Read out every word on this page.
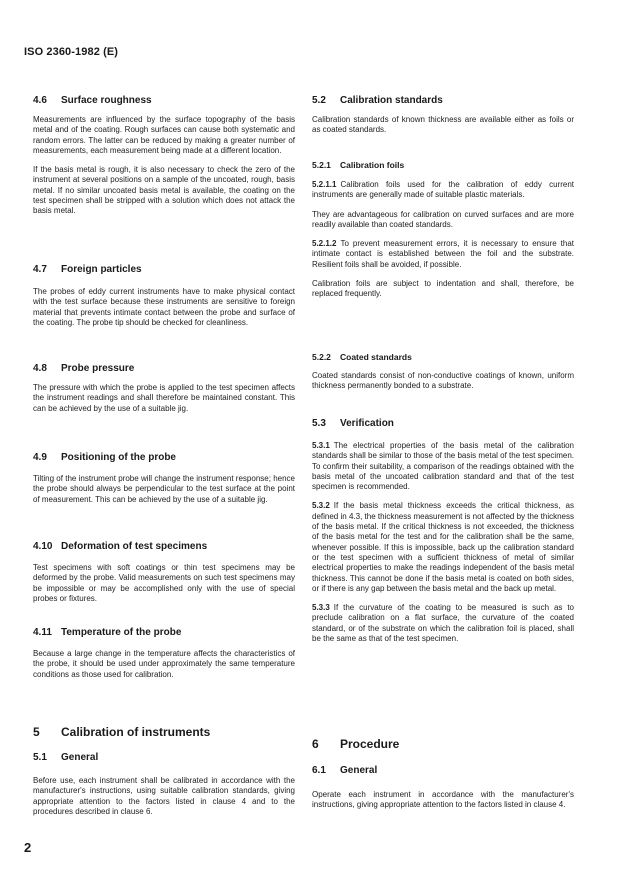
ISO 2360-1982 (E)
4.6 Surface roughness
Measurements are influenced by the surface topography of the basis metal and of the coating. Rough surfaces can cause both systematic and random errors. The latter can be reduced by making a greater number of measurements, each measurement being made at a different location.
If the basis metal is rough, it is also necessary to check the zero of the instrument at several positions on a sample of the uncoated, rough, basis metal. If no similar uncoated basis metal is available, the coating on the test specimen shall be stripped with a solution which does not attack the basis metal.
4.7 Foreign particles
The probes of eddy current instruments have to make physical contact with the test surface because these instruments are sensitive to foreign material that prevents intimate contact between the probe and surface of the coating. The probe tip should be checked for cleanliness.
4.8 Probe pressure
The pressure with which the probe is applied to the test specimen affects the instrument readings and shall therefore be maintained constant. This can be achieved by the use of a suitable jig.
4.9 Positioning of the probe
Tilting of the instrument probe will change the instrument response; hence the probe should always be perpendicular to the test surface at the point of measurement. This can be achieved by the use of a suitable jig.
4.10 Deformation of test specimens
Test specimens with soft coatings or thin test specimens may be deformed by the probe. Valid measurements on such test specimens may be impossible or may be accomplished only with the use of special probes or fixtures.
4.11 Temperature of the probe
Because a large change in the temperature affects the characteristics of the probe, it should be used under approximately the same temperature conditions as those used for calibration.
5 Calibration of instruments
5.1 General
Before use, each instrument shall be calibrated in accordance with the manufacturer's instructions, using suitable calibration standards, giving appropriate attention to the factors listed in clause 4 and to the procedures described in clause 6.
5.2 Calibration standards
Calibration standards of known thickness are available either as foils or as coated standards.
5.2.1 Calibration foils
5.2.1.1 Calibration foils used for the calibration of eddy current instruments are generally made of suitable plastic materials.
They are advantageous for calibration on curved surfaces and are more readily available than coated standards.
5.2.1.2 To prevent measurement errors, it is necessary to ensure that intimate contact is established between the foil and the substrate. Resilient foils shall be avoided, if possible.
Calibration foils are subject to indentation and shall, therefore, be replaced frequently.
5.2.2 Coated standards
Coated standards consist of non-conductive coatings of known, uniform thickness permanently bonded to a substrate.
5.3 Verification
5.3.1 The electrical properties of the basis metal of the calibration standards shall be similar to those of the basis metal of the test specimen. To confirm their suitability, a comparison of the readings obtained with the basis metal of the uncoated calibration standard and that of the test specimen is recommended.
5.3.2 If the basis metal thickness exceeds the critical thickness, as defined in 4.3, the thickness measurement is not affected by the thickness of the basis metal. If the critical thickness is not exceeded, the thickness of the basis metal for the test and for the calibration shall be the same, whenever possible. If this is impossible, back up the calibration standard or the test specimen with a sufficient thickness of metal of similar electrical properties to make the readings independent of the basis metal thickness. This cannot be done if the basis metal is coated on both sides, or if there is any gap between the basis metal and the back up metal.
5.3.3 If the curvature of the coating to be measured is such as to preclude calibration on a flat surface, the curvature of the coated standard, or of the substrate on which the calibration foil is placed, shall be the same as that of the test specimen.
6 Procedure
6.1 General
Operate each instrument in accordance with the manufacturer's instructions, giving appropriate attention to the factors listed in clause 4.
2
